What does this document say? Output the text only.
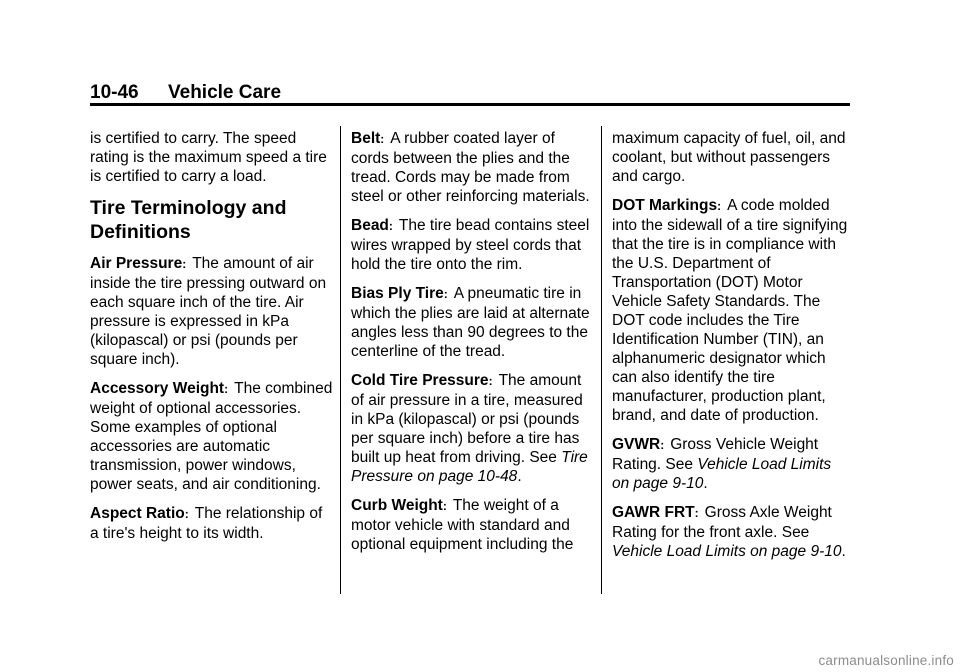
10-46 Vehicle Care

is certified to carry. The speed rating is the maximum speed a tire is certified to carry a load.

Tire Terminology and Definitions

Air Pressure: The amount of air inside the tire pressing outward on each square inch of the tire. Air pressure is expressed in kPa (kilopascal) or psi (pounds per square inch).

Accessory Weight: The combined weight of optional accessories. Some examples of optional accessories are automatic transmission, power windows, power seats, and air conditioning.

Aspect Ratio: The relationship of a tire's height to its width.

Belt: A rubber coated layer of cords between the plies and the tread. Cords may be made from steel or other reinforcing materials.

Bead: The tire bead contains steel wires wrapped by steel cords that hold the tire onto the rim.

Bias Ply Tire: A pneumatic tire in which the plies are laid at alternate angles less than 90 degrees to the centerline of the tread.

Cold Tire Pressure: The amount of air pressure in a tire, measured in kPa (kilopascal) or psi (pounds per square inch) before a tire has built up heat from driving. See Tire Pressure on page 10-48.

Curb Weight: The weight of a motor vehicle with standard and optional equipment including the

maximum capacity of fuel, oil, and coolant, but without passengers and cargo.

DOT Markings: A code molded into the sidewall of a tire signifying that the tire is in compliance with the U.S. Department of Transportation (DOT) Motor Vehicle Safety Standards. The DOT code includes the Tire Identification Number (TIN), an alphanumeric designator which can also identify the tire manufacturer, production plant, brand, and date of production.

GVWR: Gross Vehicle Weight Rating. See Vehicle Load Limits on page 9-10.

GAWR FRT: Gross Axle Weight Rating for the front axle. See Vehicle Load Limits on page 9-10.

carmanualsonline.info
